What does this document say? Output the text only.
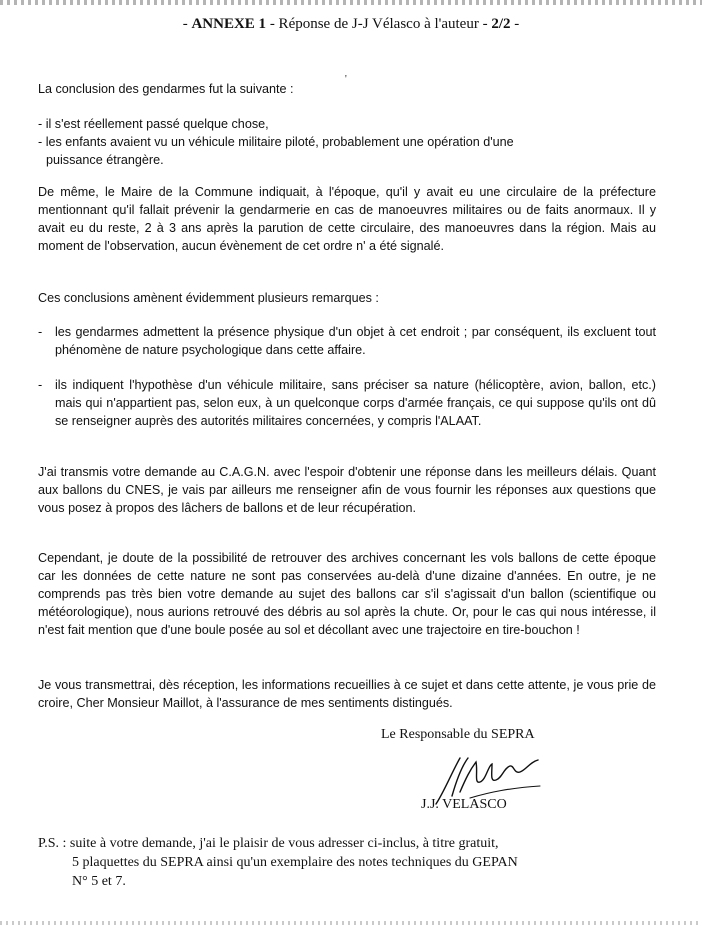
- ANNEXE 1 - Réponse de J-J Vélasco à l'auteur - 2/2 -
'

La conclusion des gendarmes fut la suivante :

- il s'est réellement passé quelque chose,
- les enfants avaient vu un véhicule militaire piloté, probablement une opération d'une
puissance étrangère.

De même, le Maire de la Commune indiquait, à l'époque, qu'il y avait eu une circulaire de la préfecture mentionnant qu'il fallait prévenir la gendarmerie en cas de manoeuvres militaires ou de faits anormaux. Il y avait eu du reste, 2 à 3 ans après la parution de cette circulaire, des manoeuvres dans la région. Mais au moment de l'observation, aucun évènement de cet ordre n' a été signalé.

Ces conclusions amènent évidemment plusieurs remarques :

- les gendarmes admettent la présence physique d'un objet à cet endroit ; par conséquent, ils excluent tout phénomène de nature psychologique dans cette affaire.
- ils indiquent l'hypothèse d'un véhicule militaire, sans préciser sa nature (hélicoptère, avion, ballon, etc.) mais qui n'appartient pas, selon eux, à un quelconque corps d'armée français, ce qui suppose qu'ils ont dû se renseigner auprès des autorités militaires concernées, y compris l'ALAAT.

J'ai transmis votre demande au C.A.G.N. avec l'espoir d'obtenir une réponse dans les meilleurs délais. Quant aux ballons du CNES, je vais par ailleurs me renseigner afin de vous fournir les réponses aux questions que vous posez à propos des lâchers de ballons et de leur récupération.

Cependant, je doute de la possibilité de retrouver des archives concernant les vols ballons de cette époque car les données de cette nature ne sont pas conservées au-delà d'une dizaine d'années. En outre, je ne comprends pas très bien votre demande au sujet des ballons car s'il s'agissait d'un ballon (scientifique ou météorologique), nous aurions retrouvé des débris au sol après la chute. Or, pour le cas qui nous intéresse, il n'est fait mention que d'une boule posée au sol et décollant avec une trajectoire en tire-bouchon !

Je vous transmettrai, dès réception, les informations recueillies à ce sujet et dans cette attente, je vous prie de croire, Cher Monsieur Maillot, à l'assurance de mes sentiments distingués.

Le Responsable du SEPRA
J.J. VELASCO
P.S. : suite à votre demande, j'ai le plaisir de vous adresser ci-inclus, à titre gratuit,
5 plaquettes du SEPRA ainsi qu'un exemplaire des notes techniques du GEPAN
N° 5 et 7.
